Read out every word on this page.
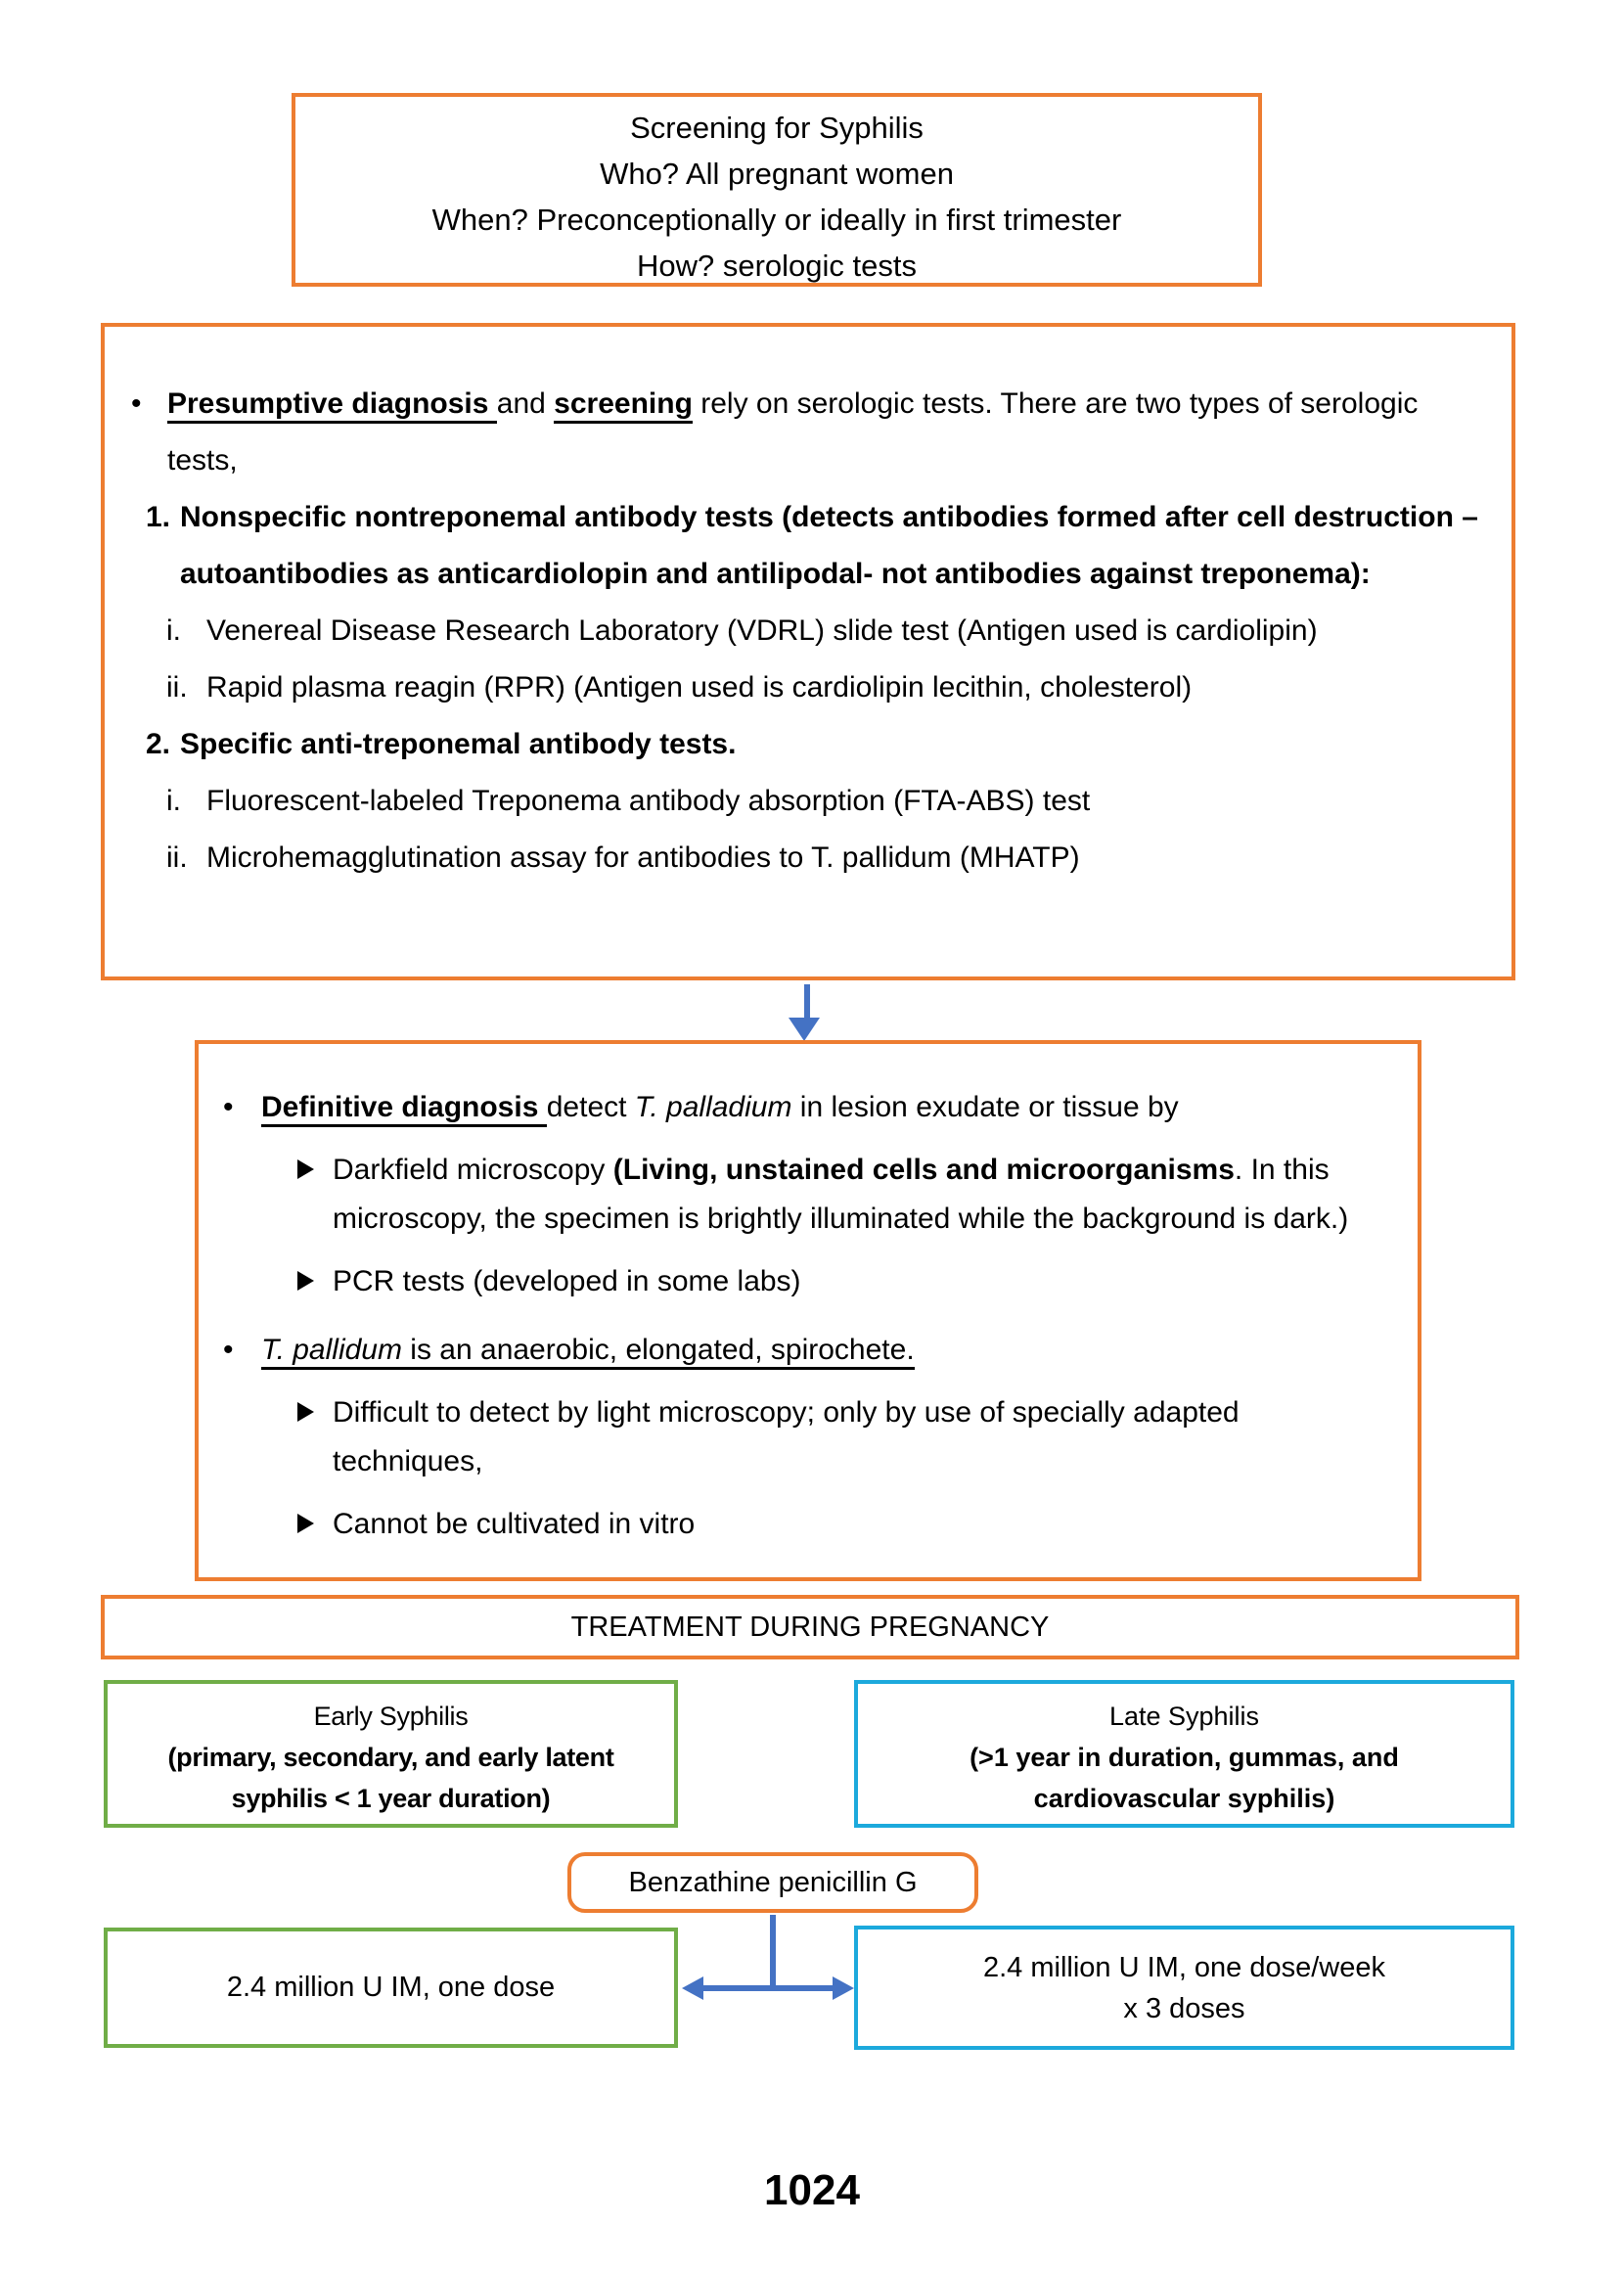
Screening for Syphilis
Who? All pregnant women
When? Preconceptionally or ideally in first trimester
How? serologic tests
• Presumptive diagnosis and screening rely on serologic tests. There are two types of serologic tests,
1. Nonspecific nontreponemal antibody tests (detects antibodies formed after cell destruction –autoantibodies as anticardiolopin and antilipodal- not antibodies against treponema):
i. Venereal Disease Research Laboratory (VDRL) slide test (Antigen used is cardiolipin)
ii. Rapid plasma reagin (RPR) (Antigen used is cardiolipin lecithin, cholesterol)
2. Specific anti-treponemal antibody tests.
i. Fluorescent-labeled Treponema antibody absorption (FTA-ABS) test
ii. Microhemagglutination assay for antibodies to T. pallidum (MHATP)
• Definitive diagnosis detect T. palladium in lesion exudate or tissue by
Darkfield microscopy (Living, unstained cells and microorganisms. In this microscopy, the specimen is brightly illuminated while the background is dark.)
PCR tests (developed in some labs)
• T. pallidum is an anaerobic, elongated, spirochete.
Difficult to detect by light microscopy; only by use of specially adapted techniques,
Cannot be cultivated in vitro
TREATMENT DURING PREGNANCY
Early Syphilis
(primary, secondary, and early latent
syphilis < 1 year duration)
Late Syphilis
(>1 year in duration, gummas, and
cardiovascular syphilis)
Benzathine penicillin G
2.4 million U IM, one dose
2.4 million U IM, one dose/week
x 3 doses
1024
